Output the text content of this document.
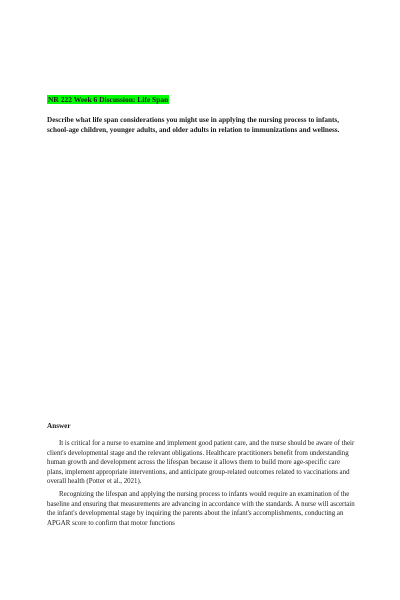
NR 222 Week 6 Discussion: Life Span

Describe what life span considerations you might use in applying the nursing process to infants, school-age children, younger adults, and older adults in relation to immunizations and wellness.

Answer

It is critical for a nurse to examine and implement good patient care, and the nurse should be aware of their client's developmental stage and the relevant obligations. Healthcare practitioners benefit from understanding human growth and development across the lifespan because it allows them to build more age-specific care plans, implement appropriate interventions, and anticipate group-related outcomes related to vaccinations and overall health (Potter et al., 2021).

Recognizing the lifespan and applying the nursing process to infants would require an examination of the baseline and ensuring that measurements are advancing in accordance with the standards. A nurse will ascertain the infant's developmental stage by inquiring the parents about the infant's accomplishments, conducting an APGAR score to confirm that motor functions
